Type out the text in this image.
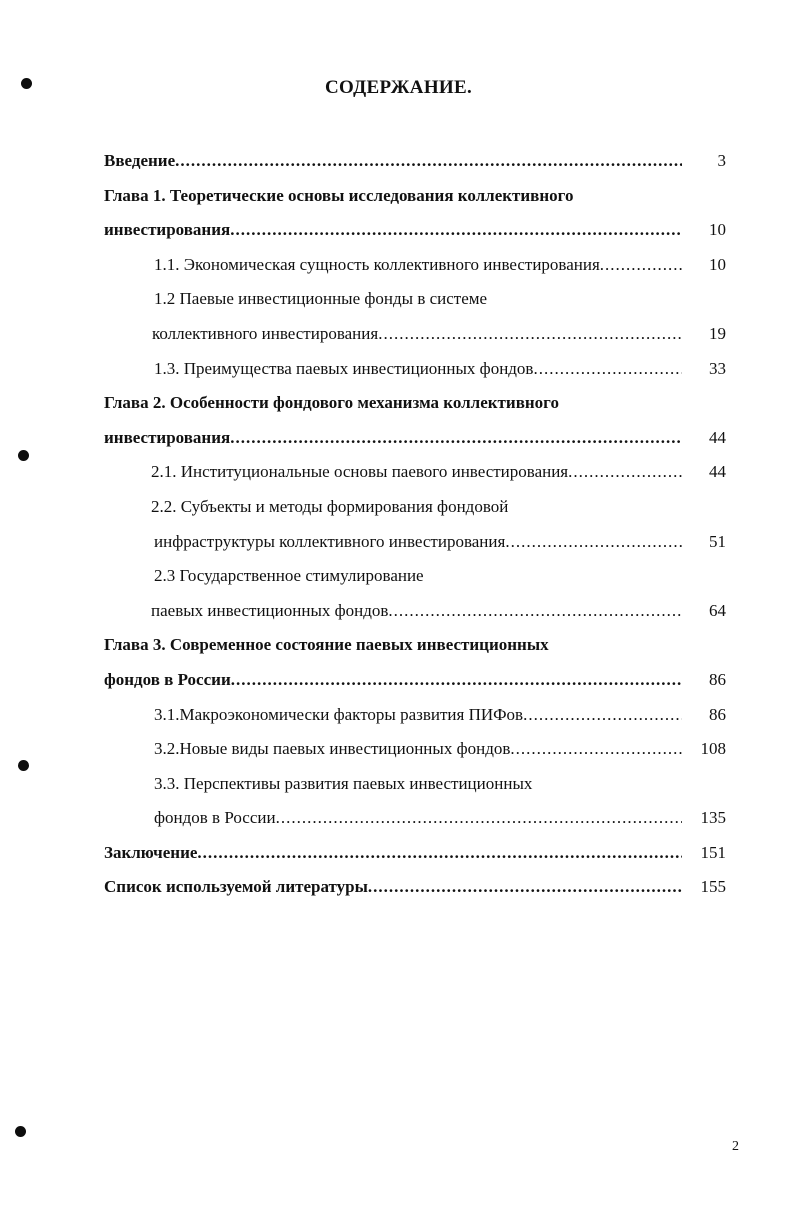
СОДЕРЖАНИЕ.
Введение .....	3
Глава 1. Теоретические основы исследования коллективного
инвестирования .....	10
1.1. Экономическая сущность коллективного инвестирования .....	10
1.2 Паевые инвестиционные фонды в системе
коллективного инвестирования .....	19
1.3. Преимущества паевых инвестиционных фондов .....	33
Глава 2. Особенности фондового механизма коллективного
инвестирования .....	44
2.1. Институциональные основы паевого инвестирования .....	44
2.2. Субъекты и методы формирования фондовой
инфраструктуры коллективного инвестирования .....	51
2.3 Государственное стимулирование
паевых инвестиционных фондов .....	64
Глава 3. Современное состояние паевых инвестиционных
фондов в России .....	86
3.1.Макроэкономически факторы развития ПИФов .....	86
3.2.Новые виды паевых инвестиционных фондов .....	108
3.3. Перспективы развития паевых инвестиционных
фондов в России .....	135
Заключение .....	151
Список используемой литературы .....	155
2
